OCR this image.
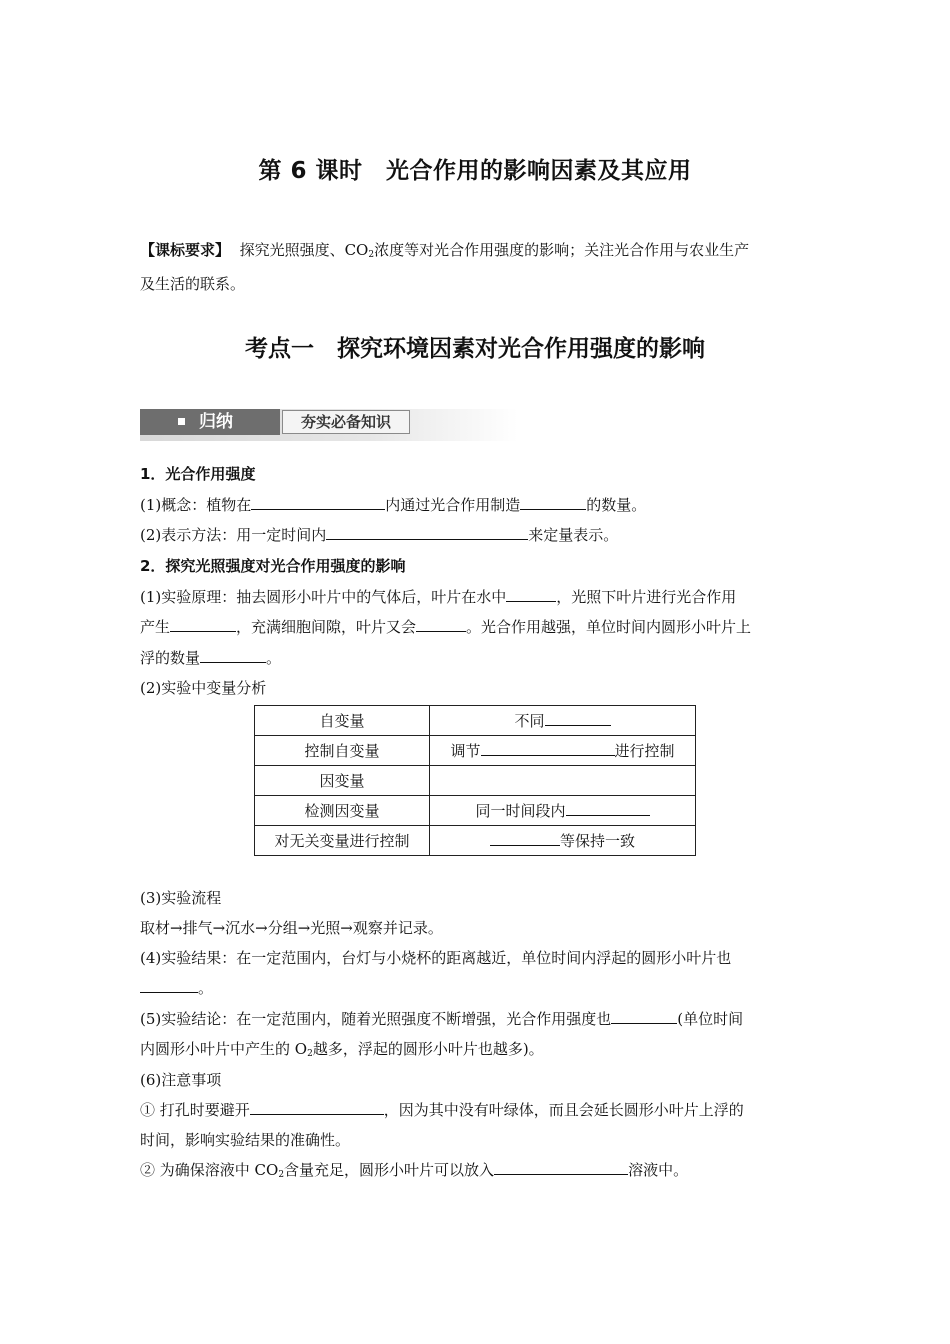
第 6 课时　光合作用的影响因素及其应用
【课标要求】 探究光照强度、$CO_2$浓度等对光合作用强度的影响；关注光合作用与农业生产
及生活的联系。
考点一　探究环境因素对光合作用强度的影响
归纳	夯实必备知识
1．光合作用强度
(1)概念：植物在	内通过光合作用制造	的数量。
(2)表示方法：用一定时间内	来定量表示。
2．探究光照强度对光合作用强度的影响
(1)实验原理：抽去圆形小叶片中的气体后，叶片在水中	，光照下叶片进行光合作用
产生	，充满细胞间隙，叶片又会	。光合作用越强，单位时间内圆形小叶片上
浮的数量	。
(2)实验中变量分析
(3)实验流程
取材→排气→沉水→分组→光照→观察并记录。
(4)实验结果：在一定范围内，台灯与小烧杯的距离越近，单位时间内浮起的圆形小叶片也
。
(5)实验结论：在一定范围内，随着光照强度不断增强，光合作用强度也	(单位时间
内圆形小叶片中产生的 $O_2$越多，浮起的圆形小叶片也越多)。
(6)注意事项
① 打孔时要避开	，因为其中没有叶绿体，而且会延长圆形小叶片上浮的
时间，影响实验结果的准确性。
② 为确保溶液中 $CO_2$含量充足，圆形小叶片可以放入	溶液中。
自变量	不同
控制自变量	调节 进行控制
因变量	
检测因变量	同一时间段内
对无关变量进行控制	等保持一致
